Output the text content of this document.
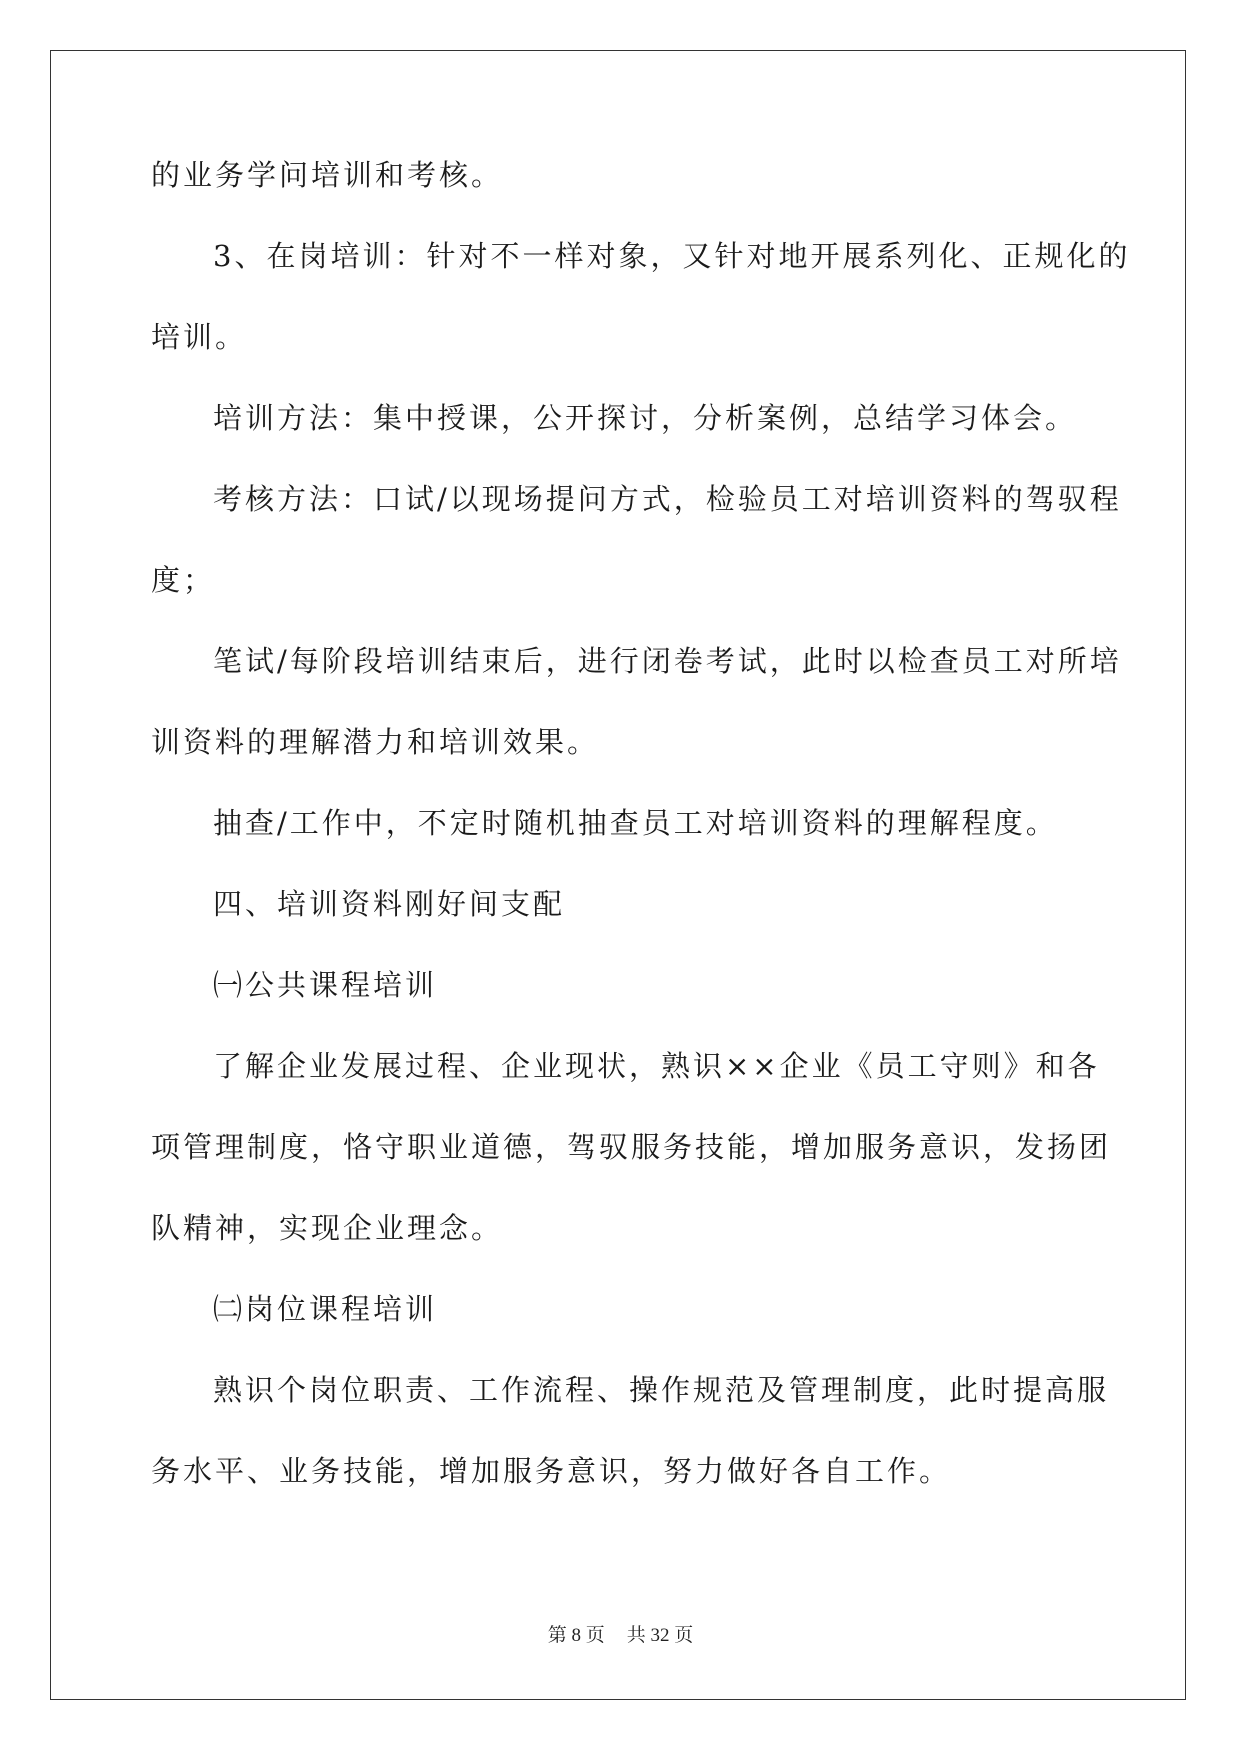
的业务学问培训和考核。
3、在岗培训：针对不一样对象，又针对地开展系列化、正规化的
培训。
培训方法：集中授课，公开探讨，分析案例，总结学习体会。
考核方法：口试/以现场提问方式，检验员工对培训资料的驾驭程
度；
笔试/每阶段培训结束后，进行闭卷考试，此时以检查员工对所培
训资料的理解潜力和培训效果。
抽查/工作中，不定时随机抽查员工对培训资料的理解程度。
四、培训资料刚好间支配
㈠公共课程培训
了解企业发展过程、企业现状，熟识××企业《员工守则》和各
项管理制度，恪守职业道德，驾驭服务技能，增加服务意识，发扬团
队精神，实现企业理念。
㈡岗位课程培训
熟识个岗位职责、工作流程、操作规范及管理制度，此时提高服
务水平、业务技能，增加服务意识，努力做好各自工作。
第 8 页 共 32 页
